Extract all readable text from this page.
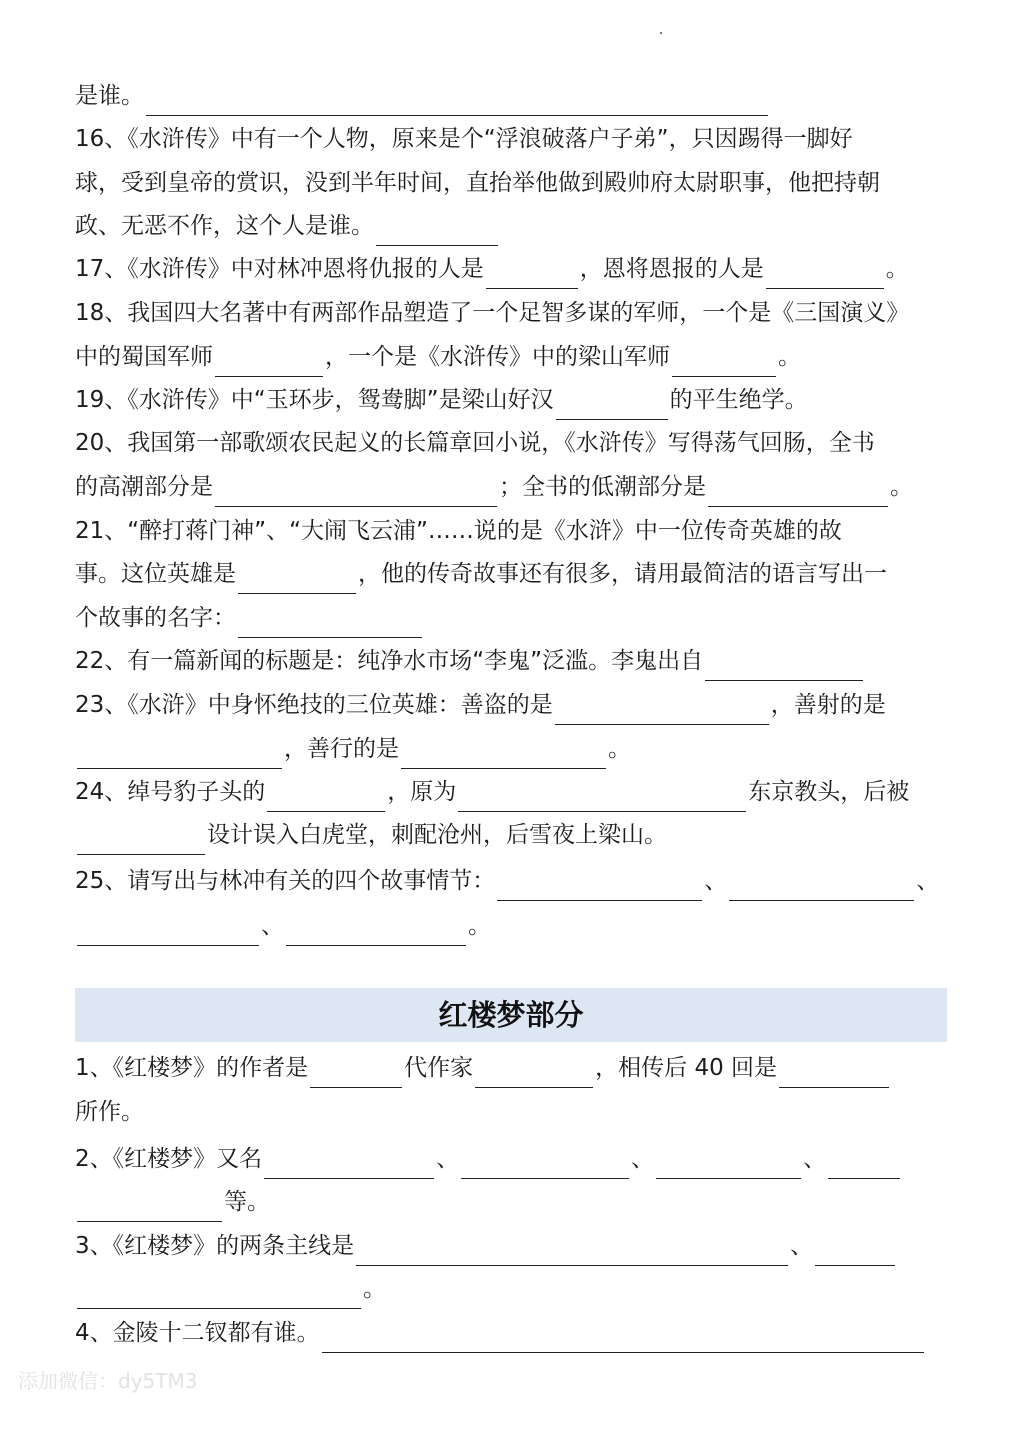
是谁。
16、《水浒传》中有一个人物，原来是个“浮浪破落户子弟”，只因踢得一脚好
球，受到皇帝的赏识，没到半年时间，直抬举他做到殿帅府太尉职事，他把持朝
政、无恶不作，这个人是谁。
17、《水浒传》中对林冲恩将仇报的人是	，恩将恩报的人是	。
18、我国四大名著中有两部作品塑造了一个足智多谋的军师，一个是《三国演义》
中的蜀国军师	，一个是《水浒传》中的梁山军师	。
19、《水浒传》中“玉环步，鸳鸯脚”是梁山好汉	的平生绝学。
20、我国第一部歌颂农民起义的长篇章回小说，《水浒传》写得荡气回肠，全书
的高潮部分是	；全书的低潮部分是	。
21、“醉打蒋门神”、“大闹飞云浦”……说的是《水浒》中一位传奇英雄的故
事。这位英雄是	，他的传奇故事还有很多，请用最简洁的语言写出一
个故事的名字：
22、有一篇新闻的标题是：纯净水市场“李鬼”泛滥。李鬼出自
23、《水浒》中身怀绝技的三位英雄：善盗的是	，善射的是
，善行的是	。
24、绰号豹子头的	，原为	东京教头，后被
设计误入白虎堂，刺配沧州，后雪夜上梁山。
25、请写出与林冲有关的四个故事情节：	、	、
、	。
红楼梦部分
1、《红楼梦》的作者是	代作家	，相传后 40 回是
所作。
2、《红楼梦》又名	、	、	、
等。
3、《红楼梦》的两条主线是	、
。
4、金陵十二钗都有谁。
添加微信：dy5TM3
